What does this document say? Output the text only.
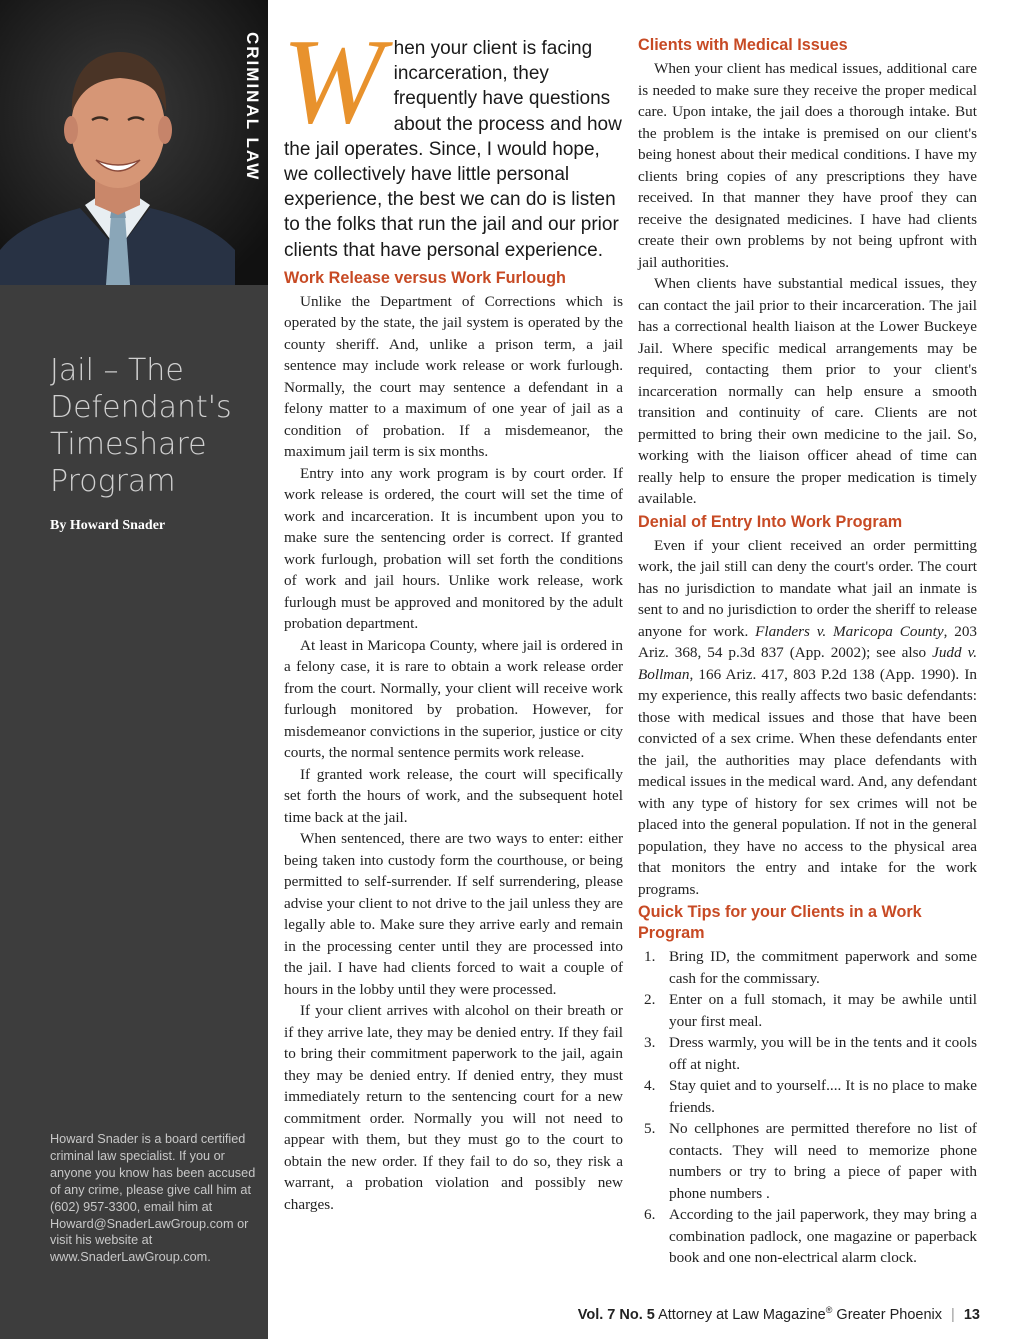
CRIMINAL LAW
Jail – The
Defendant's
Timeshare
Program

By Howard Snader

Howard Snader is a board certified criminal law specialist. If you or anyone you know has been accused of any crime, please give call him at (602) 957-3300, email him at Howard@SnaderLawGroup.com or visit his website at www.SnaderLawGroup.com.

When your client is facing incarceration, they frequently have questions about the process and how the jail operates. Since, I would hope, we collectively have little personal experience, the best we can do is listen to the folks that run the jail and our prior clients that have personal experience.
Work Release versus Work Furlough

Unlike the Department of Corrections which is operated by the state, the jail system is operated by the county sheriff. And, unlike a prison term, a jail sentence may include work release or work furlough. Normally, the court may sentence a defendant in a felony matter to a maximum of one year of jail as a condition of probation. If a misdemeanor, the maximum jail term is six months.

Entry into any work program is by court order. If work release is ordered, the court will set the time of work and incarceration. It is incumbent upon you to make sure the sentencing order is correct. If granted work furlough, probation will set forth the conditions of work and jail hours. Unlike work release, work furlough must be approved and monitored by the adult probation department.

At least in Maricopa County, where jail is ordered in a felony case, it is rare to obtain a work release order from the court. Normally, your client will receive work furlough monitored by probation. However, for misdemeanor convictions in the superior, justice or city courts, the normal sentence permits work release.

If granted work release, the court will specifically set forth the hours of work, and the subsequent hotel time back at the jail.

When sentenced, there are two ways to enter: either being taken into custody form the courthouse, or being permitted to self-surrender. If self surrendering, please advise your client to not drive to the jail unless they are legally able to. Make sure they arrive early and remain in the processing center until they are processed into the jail. I have had clients forced to wait a couple of hours in the lobby until they were processed.

If your client arrives with alcohol on their breath or if they arrive late, they may be denied entry. If they fail to bring their commitment paperwork to the jail, again they may be denied entry. If denied entry, they must immediately return to the sentencing court for a new commitment order. Normally you will not need to appear with them, but they must go to the court to obtain the new order. If they fail to do so, they risk a warrant, a probation violation and possibly new charges.

Clients with Medical Issues

When your client has medical issues, additional care is needed to make sure they receive the proper medical care. Upon intake, the jail does a thorough intake. But the problem is the intake is premised on our client's being honest about their medical conditions. I have my clients bring copies of any prescriptions they have received. In that manner they have proof they can receive the designated medicines. I have had clients create their own problems by not being upfront with jail authorities.

When clients have substantial medical issues, they can contact the jail prior to their incarceration. The jail has a correctional health liaison at the Lower Buckeye Jail. Where specific medical arrangements may be required, contacting them prior to your client's incarceration normally can help ensure a smooth transition and continuity of care. Clients are not permitted to bring their own medicine to the jail. So, working with the liaison officer ahead of time can really help to ensure the proper medication is timely available.

Denial of Entry Into Work Program

Even if your client received an order permitting work, the jail still can deny the court's order. The court has no jurisdiction to mandate what jail an inmate is sent to and no jurisdiction to order the sheriff to release anyone for work. Flanders v. Maricopa County, 203 Ariz. 368, 54 p.3d 837 (App. 2002); see also Judd v. Bollman, 166 Ariz. 417, 803 P.2d 138 (App. 1990). In my experience, this really affects two basic defendants: those with medical issues and those that have been convicted of a sex crime. When these defendants enter the jail, the authorities may place defendants with medical issues in the medical ward. And, any defendant with any type of history for sex crimes will not be placed into the general population. If not in the general population, they have no access to the physical area that monitors the entry and intake for the work programs.

Quick Tips for your Clients in a Work Program
1. Bring ID, the commitment paperwork and some cash for the commissary.
2. Enter on a full stomach, it may be awhile until your first meal.
3. Dress warmly, you will be in the tents and it cools off at night.
4. Stay quiet and to yourself.... It is no place to make friends.
5. No cellphones are permitted therefore no list of contacts. They will need to memorize phone numbers or try to bring a piece of paper with phone numbers .
6. According to the jail paperwork, they may bring a combination padlock, one magazine or paperback book and one non-electrical alarm clock.
Vol. 7 No. 5 Attorney at Law Magazine® Greater Phoenix | 13
